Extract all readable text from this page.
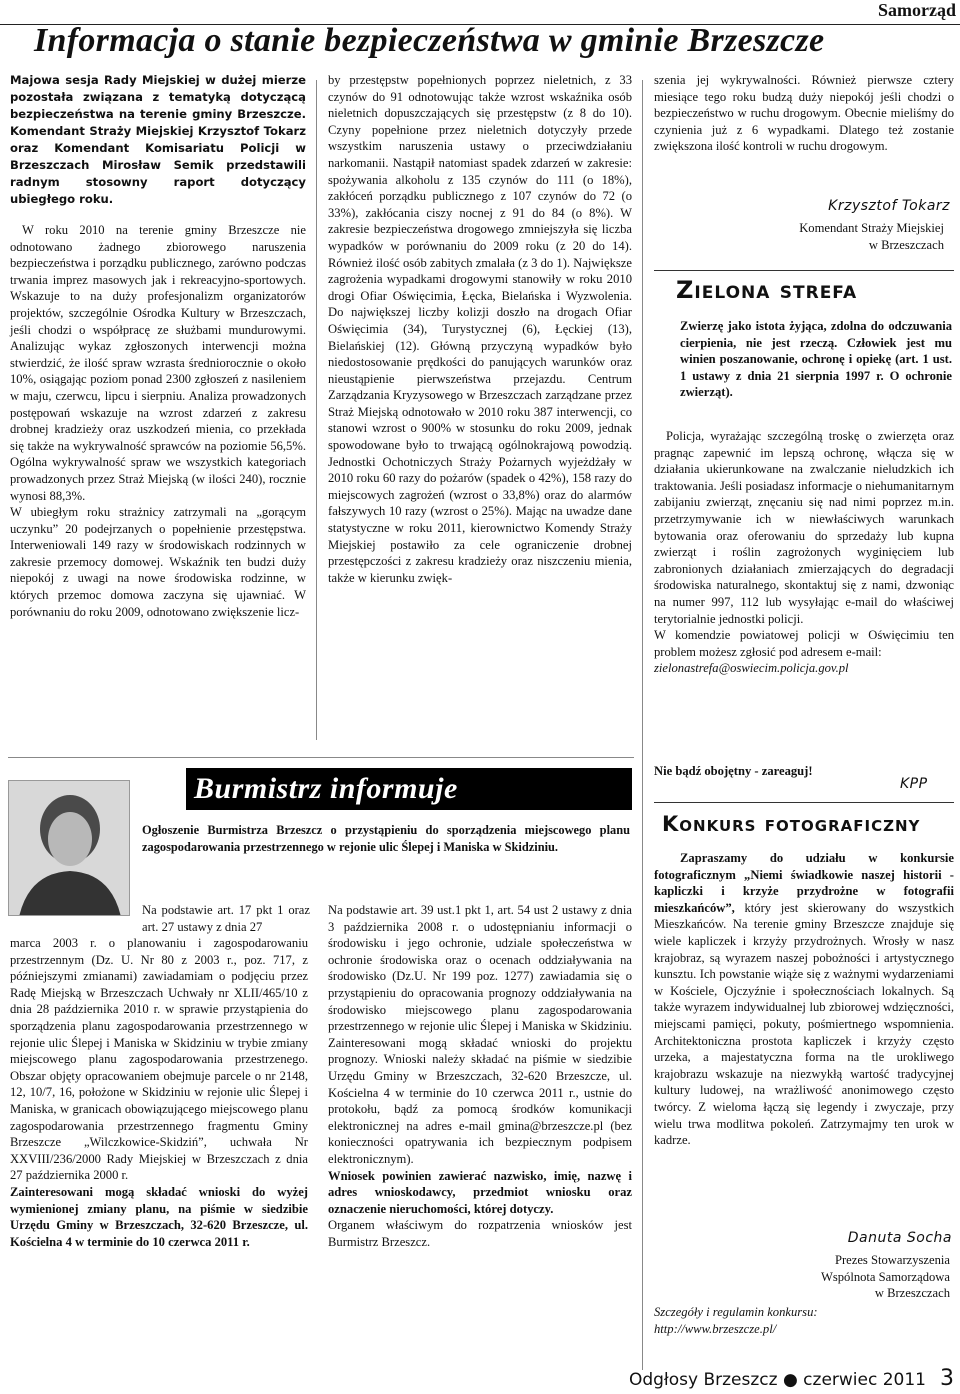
Samorząd
Informacja o stanie bezpieczeństwa w gminie Brzeszcze

Majowa sesja Rady Miejskiej w dużej mierze pozostała związana z tematyką dotyczącą bezpieczeństwa na terenie gminy Brzeszcze. Komendant Straży Miejskiej Krzysztof Tokarz oraz Komendant Komisariatu Policji w Brzeszczach Mirosław Semik przedstawili radnym stosowny raport dotyczący ubiegłego roku.

W roku 2010 na terenie gminy Brzeszcze nie odnotowano żadnego zbiorowego naruszenia bezpieczeństwa i porządku publicznego, zarówno podczas trwania imprez masowych jak i rekreacyjno-sportowych. Wskazuje to na duży profesjonalizm organizatorów projektów, szczególnie Ośrodka Kultury w Brzeszczach, jeśli chodzi o współpracę ze służbami mundurowymi. Analizując wykaz zgłoszonych interwencji można stwierdzić, że ilość spraw wzrasta średniorocznie o około 10%, osiągając poziom ponad 2300 zgłoszeń z nasileniem w maju, czerwcu, lipcu i sierpniu. Analiza prowadzonych postępowań wskazuje na wzrost zdarzeń z zakresu drobnej kradzieży oraz uszkodzeń mienia, co przekłada się także na wykrywalność sprawców na poziomie 56,5%. Ogólna wykrywalność spraw we wszystkich kategoriach prowadzonych przez Straż Miejską (w ilości 240), rocznie wynosi 88,3%.

W ubiegłym roku strażnicy zatrzymali na „gorącym uczynku” 20 podejrzanych o popełnienie przestępstwa. Interweniowali 149 razy w środowiskach rodzinnych w zakresie przemocy domowej. Wskaźnik ten budzi duży niepokój z uwagi na nowe środowiska rodzinne, w których przemoc domowa zaczyna się ujawniać. W porównaniu do roku 2009, odnotowano zwiększenie licz-

by przestępstw popełnionych poprzez nieletnich, z 33 czynów do 91 odnotowując także wzrost wskaźnika osób nieletnich dopuszczających się przestępstw (z 8 do 10). Czyny popełnione przez nieletnich dotyczyły przede wszystkim naruszenia ustawy o przeciwdziałaniu narkomanii. Nastąpił natomiast spadek zdarzeń w zakresie: spożywania alkoholu z 135 czynów do 111 (o 18%), zakłóceń porządku publicznego z 107 czynów do 72 (o 33%), zakłócania ciszy nocnej z 91 do 84 (o 8%). W zakresie bezpieczeństwa drogowego zmniejszyła się liczba wypadków w porównaniu do 2009 roku (z 20 do 14). Również ilość osób zabitych zmalała (z 3 do 1). Największe zagrożenia wypadkami drogowymi stanowiły w roku 2010 drogi Ofiar Oświęcimia, Łęcka, Bielańska i Wyzwolenia. Do największej liczby kolizji doszło na drogach Ofiar Oświęcimia (34), Turystycznej (6), Łęckiej (13), Bielańskiej (12). Główną przyczyną wypadków było niedostosowanie prędkości do panujących warunków oraz nieustąpienie pierwszeństwa przejazdu. Centrum Zarządzania Kryzysowego w Brzeszczach zarządzane przez Straż Miejską odnotowało w 2010 roku 387 interwencji, co stanowi wzrost o 900% w stosunku do roku 2009, jednak spowodowane było to trwającą ogólnokrajową powodzią. Jednostki Ochotniczych Straży Pożarnych wyjeżdżały w 2010 roku 60 razy do pożarów (spadek o 42%), 158 razy do miejscowych zagrożeń (wzrost o 33,8%) oraz do alarmów fałszywych 10 razy (wzrost o 25%). Mając na uwadze dane statystyczne w roku 2011, kierownictwo Komendy Straży Miejskiej postawiło za cele ograniczenie drobnej przestępczości z zakresu kradzieży oraz niszczeniu mienia, także w kierunku zwięk-

szenia jej wykrywalności. Również pierwsze cztery miesiące tego roku budzą duży niepokój jeśli chodzi o bezpieczeństwo w ruchu drogowym. Obecnie mieliśmy do czynienia już z 6 wypadkami. Dlatego też zostanie zwiększona ilość kontroli w ruchu drogowym.

Krzysztof Tokarz
Komendant Straży Miejskiej
w Brzeszczach
Zielona strefa
Zwierzę jako istota żyjąca, zdolna do odczuwania cierpienia, nie jest rzeczą. Człowiek jest mu winien poszanowanie, ochronę i opiekę (art. 1 ust. 1 ustawy z dnia 21 sierpnia 1997 r. O ochronie zwierząt).

Policja, wyrażając szczególną troskę o zwierzęta oraz pragnąc zapewnić im lepszą ochronę, włącza się w działania ukierunkowane na zwalczanie nieludzkich ich traktowania. Jeśli posiadasz informacje o niehumanitarnym zabijaniu zwierząt, znęcaniu się nad nimi poprzez m.in. przetrzymywanie ich w niewłaściwych warunkach bytowania oraz oferowaniu do sprzedaży lub kupna zwierząt i roślin zagrożonych wyginięciem lub zabronionych działaniach zmierzających do degradacji środowiska naturalnego, skontaktuj się z nami, dzwoniąc na numer 997, 112 lub wysyłając e-mail do właściwej terytorialnie jednostki policji.

W komendzie powiatowej policji w Oświęcimiu ten problem możesz zgłosić pod adresem e-mail:

zielonastrefa@oswiecim.policja.gov.pl

Nie bądź obojętny - zareaguj!
KPP
Burmistrz informuje
Ogłoszenie Burmistrza Brzeszcz o przystąpieniu do sporządzenia miejscowego planu zagospodarowania przestrzennego w rejonie ulic Ślepej i Maniska w Skidziniu.
Na podstawie art. 17 pkt 1 oraz art. 27 ustawy z dnia 27

marca 2003 r. o planowaniu i zagospodarowaniu przestrzennym (Dz. U. Nr 80 z 2003 r., poz. 717, z późniejszymi zmianami) zawiadamiam o podjęciu przez Radę Miejską w Brzeszczach Uchwały nr XLII/465/10 z dnia 28 października 2010 r. w sprawie przystąpienia do sporządzenia planu zagospodarowania przestrzennego w rejonie ulic Ślepej i Maniska w Skidziniu w trybie zmiany miejscowego planu zagospodarowania przestrzenego. Obszar objęty opracowaniem obejmuje parcele o nr 2148, 12, 10/7, 16, położone w Skidziniu w rejonie ulic Ślepej i Maniska, w granicach obowiązującego miejscowego planu zagospodarowania przestrzennego fragmentu Gminy Brzeszcze „Wilczkowice-Skidziń”, uchwała Nr XXVIII/236/2000 Rady Miejskiej w Brzeszczach z dnia 27 października 2000 r.

Zainteresowani mogą składać wnioski do wyżej wymienionej zmiany planu, na piśmie w siedzibie Urzędu Gminy w Brzeszczach, 32-620 Brzeszcze, ul. Kościelna 4 w terminie do 10 czerwca 2011 r.

Na podstawie art. 39 ust.1 pkt 1, art. 54 ust 2 ustawy z dnia 3 października 2008 r. o udostępnianiu informacji o środowisku i jego ochronie, udziale społeczeństwa w ochronie środowiska oraz o ocenach oddziaływania na środowisko (Dz.U. Nr 199 poz. 1277) zawiadamia się o przystąpieniu do opracowania prognozy oddziaływania na środowisko miejscowego planu zagospodarowania przestrzennego w rejonie ulic Ślepej i Maniska w Skidziniu. Zainteresowani mogą składać wnioski do projektu prognozy. Wnioski należy składać na piśmie w siedzibie Urzędu Gminy w Brzeszczach, 32-620 Brzeszcze, ul. Kościelna 4 w terminie do 10 czerwca 2011 r., ustnie do protokołu, bądź za pomocą środków komunikacji elektronicznej na adres e-mail gmina@brzeszcze.pl (bez konieczności opatrywania ich bezpiecznym podpisem elektronicznym).

Wniosek powinien zawierać nazwisko, imię, nazwę i adres wnioskodawcy, przedmiot wniosku oraz oznaczenie nieruchomości, której dotyczy.

Organem właściwym do rozpatrzenia wniosków jest Burmistrz Brzeszcz.

Konkurs fotograficzny
Zapraszamy do udziału w konkursie fotograficznym „Niemi świadkowie naszej historii - kapliczki i krzyże przydrożne w fotografii mieszkańców”, który jest skierowany do wszystkich Mieszkańców. Na terenie gminy Brzeszcze znajduje się wiele kapliczek i krzyży przydrożnych. Wrosły w nasz krajobraz, są wyrazem naszej pobożności i artystycznego kunsztu. Ich powstanie wiąże się z ważnymi wydarzeniami w Kościele, Ojczyźnie i społecznościach lokalnych. Są także wyrazem indywidualnej lub zbiorowej wdzięczności, miejscami pamięci, pokuty, pośmiertnego wspomnienia. Architektoniczna prostota kapliczek i krzyży często urzeka, a majestatyczna forma na tle urokliwego krajobrazu wskazuje na niezwykłą wartość tradycyjnej kultury ludowej, na wrażliwość anonimowego często twórcy. Z wielomа łączą się legendy i zwyczaje, przy wielu trwa modlitwa pokoleń. Zatrzymajmy ten urok w kadrze.
Danuta Socha
Prezes Stowarzyszenia
Wspólnota Samorządowa
w Brzeszczach
Szczegóły i regulamin konkursu:
http://www.brzeszcze.pl/
Odgłosy Brzeszcz ● czerwiec 2011 3
